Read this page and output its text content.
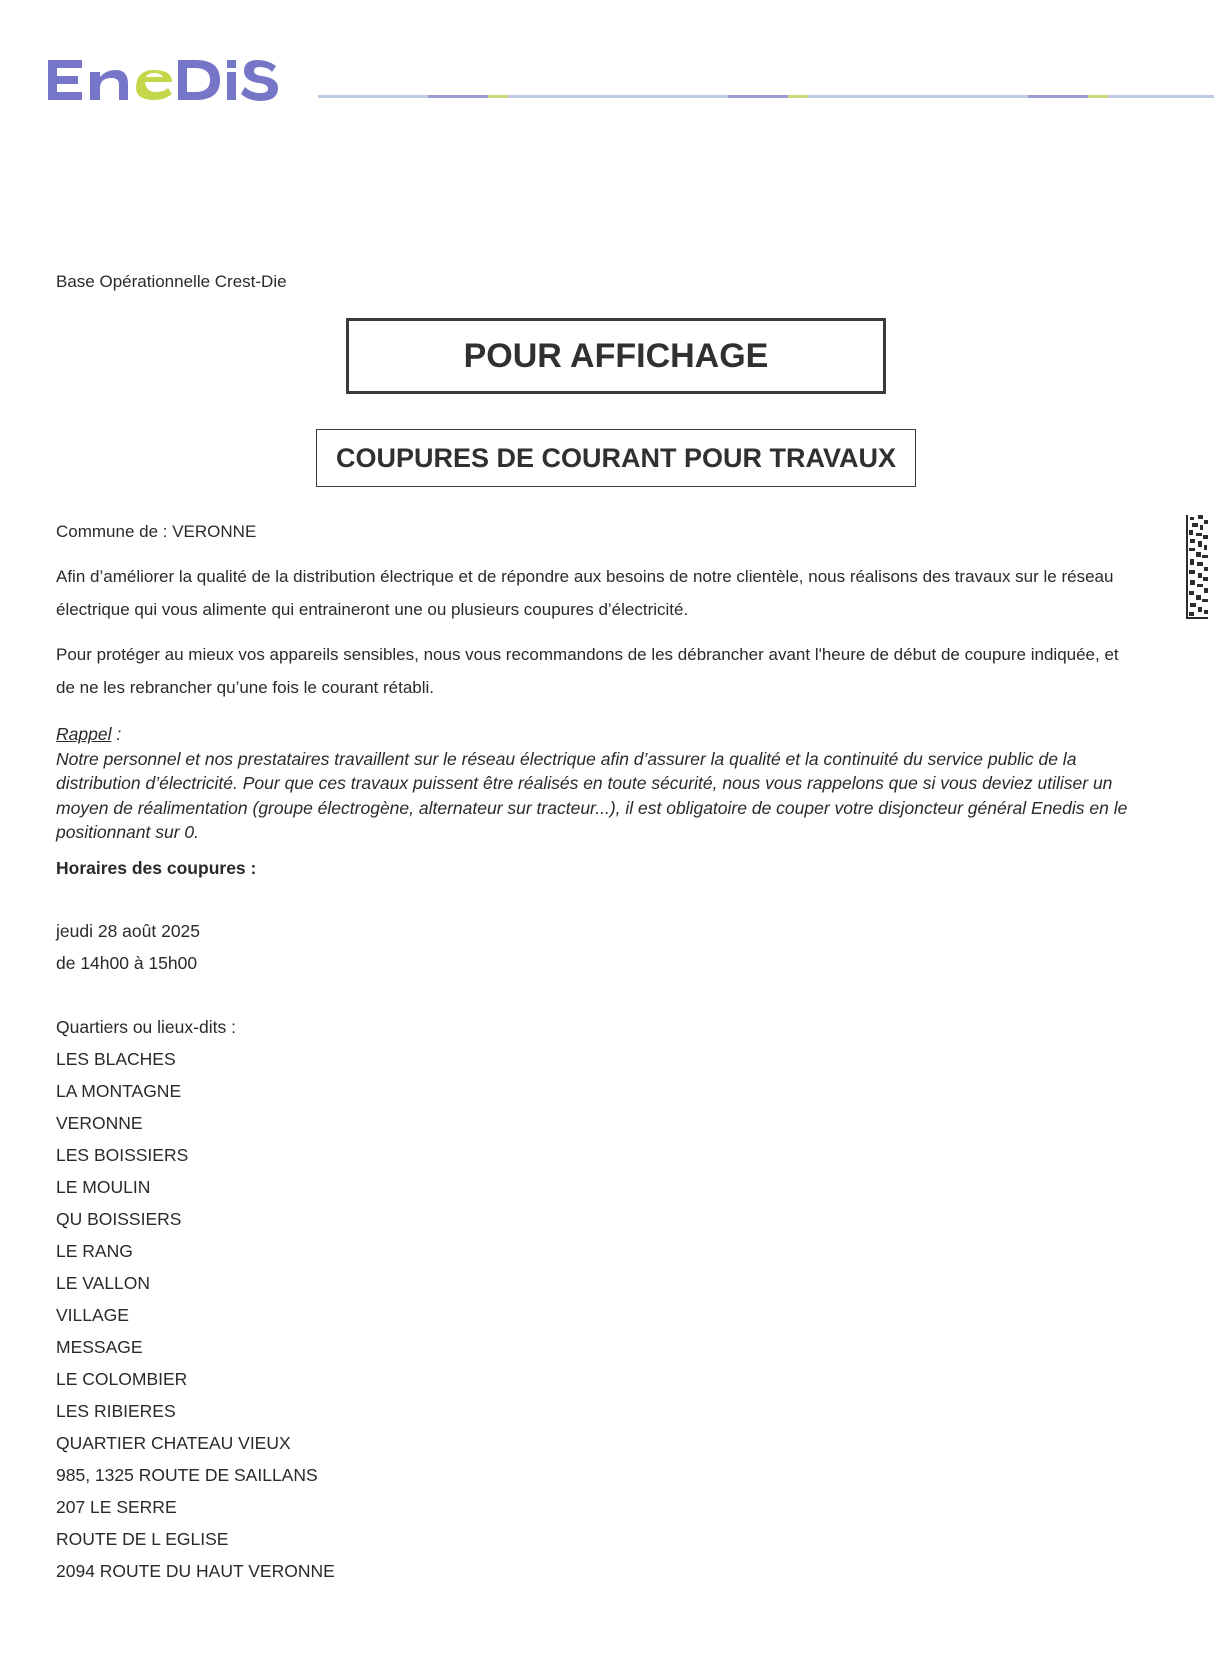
Base Opérationnelle Crest-Die
POUR AFFICHAGE
COUPURES DE COURANT POUR TRAVAUX
Commune de : VERONNE
Afin d’améliorer la qualité de la distribution électrique et de répondre aux besoins de notre clientèle, nous réalisons des travaux sur le réseau électrique qui vous alimente qui entraineront une ou plusieurs coupures d’électricité.
Pour protéger au mieux vos appareils sensibles, nous vous recommandons de les débrancher avant l'heure de début de coupure indiquée, et de ne les rebrancher qu’une fois le courant rétabli.
Rappel :
Notre personnel et nos prestataires travaillent sur le réseau électrique afin d’assurer la qualité et la continuité du service public de la distribution d’électricité. Pour que ces travaux puissent être réalisés en toute sécurité, nous vous rappelons que si vous deviez utiliser un moyen de réalimentation (groupe électrogène, alternateur sur tracteur...), il est obligatoire de couper votre disjoncteur général Enedis en le positionnant sur 0.
Horaires des coupures :
jeudi 28 août 2025
de 14h00 à 15h00
Quartiers ou lieux-dits :
LES BLACHES
LA MONTAGNE
VERONNE
LES BOISSIERS
LE MOULIN
QU BOISSIERS
LE RANG
LE VALLON
VILLAGE
MESSAGE
LE COLOMBIER
LES RIBIERES
QUARTIER CHATEAU VIEUX
985, 1325 ROUTE DE SAILLANS
207 LE SERRE
ROUTE DE L EGLISE
2094 ROUTE DU HAUT VERONNE
